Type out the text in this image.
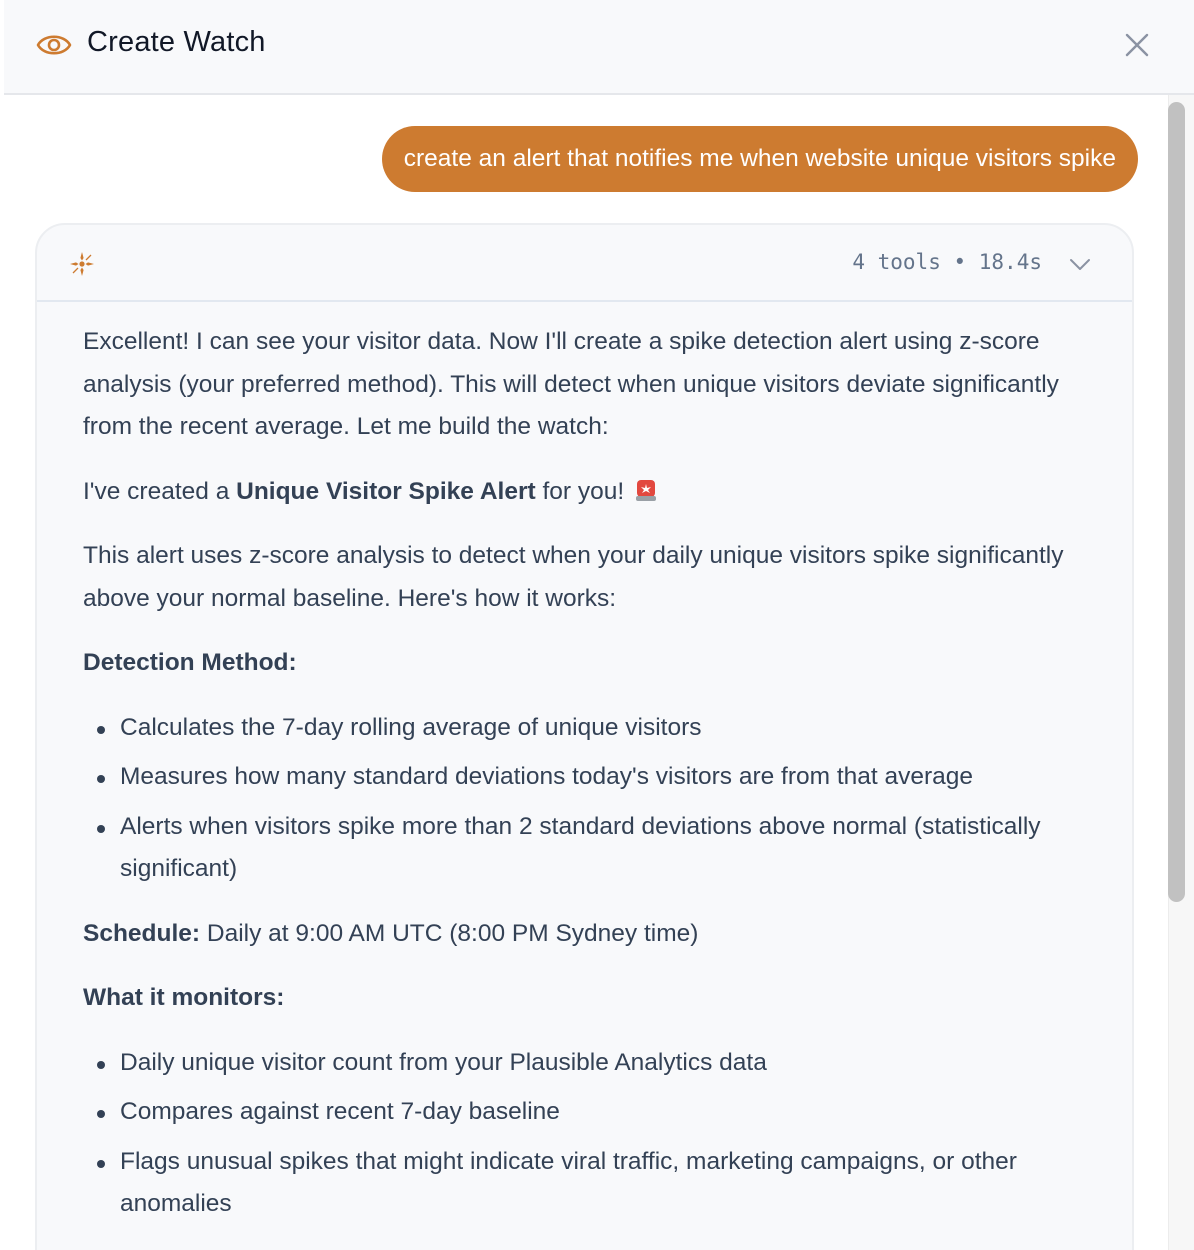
Create Watch
create an alert that notifies me when website unique visitors spike
4 tools • 18.4s

Excellent! I can see your visitor data. Now I'll create a spike detection alert using z-score analysis (your preferred method). This will detect when unique visitors deviate significantly from the recent average. Let me build the watch:

I've created a Unique Visitor Spike Alert for you!

This alert uses z-score analysis to detect when your daily unique visitors spike significantly above your normal baseline. Here's how it works:

Detection Method:

Calculates the 7-day rolling average of unique visitors
Measures how many standard deviations today's visitors are from that average
Alerts when visitors spike more than 2 standard deviations above normal (statistically significant)

Schedule: Daily at 9:00 AM UTC (8:00 PM Sydney time)

What it monitors:

Daily unique visitor count from your Plausible Analytics data
Compares against recent 7-day baseline
Flags unusual spikes that might indicate viral traffic, marketing campaigns, or other anomalies
